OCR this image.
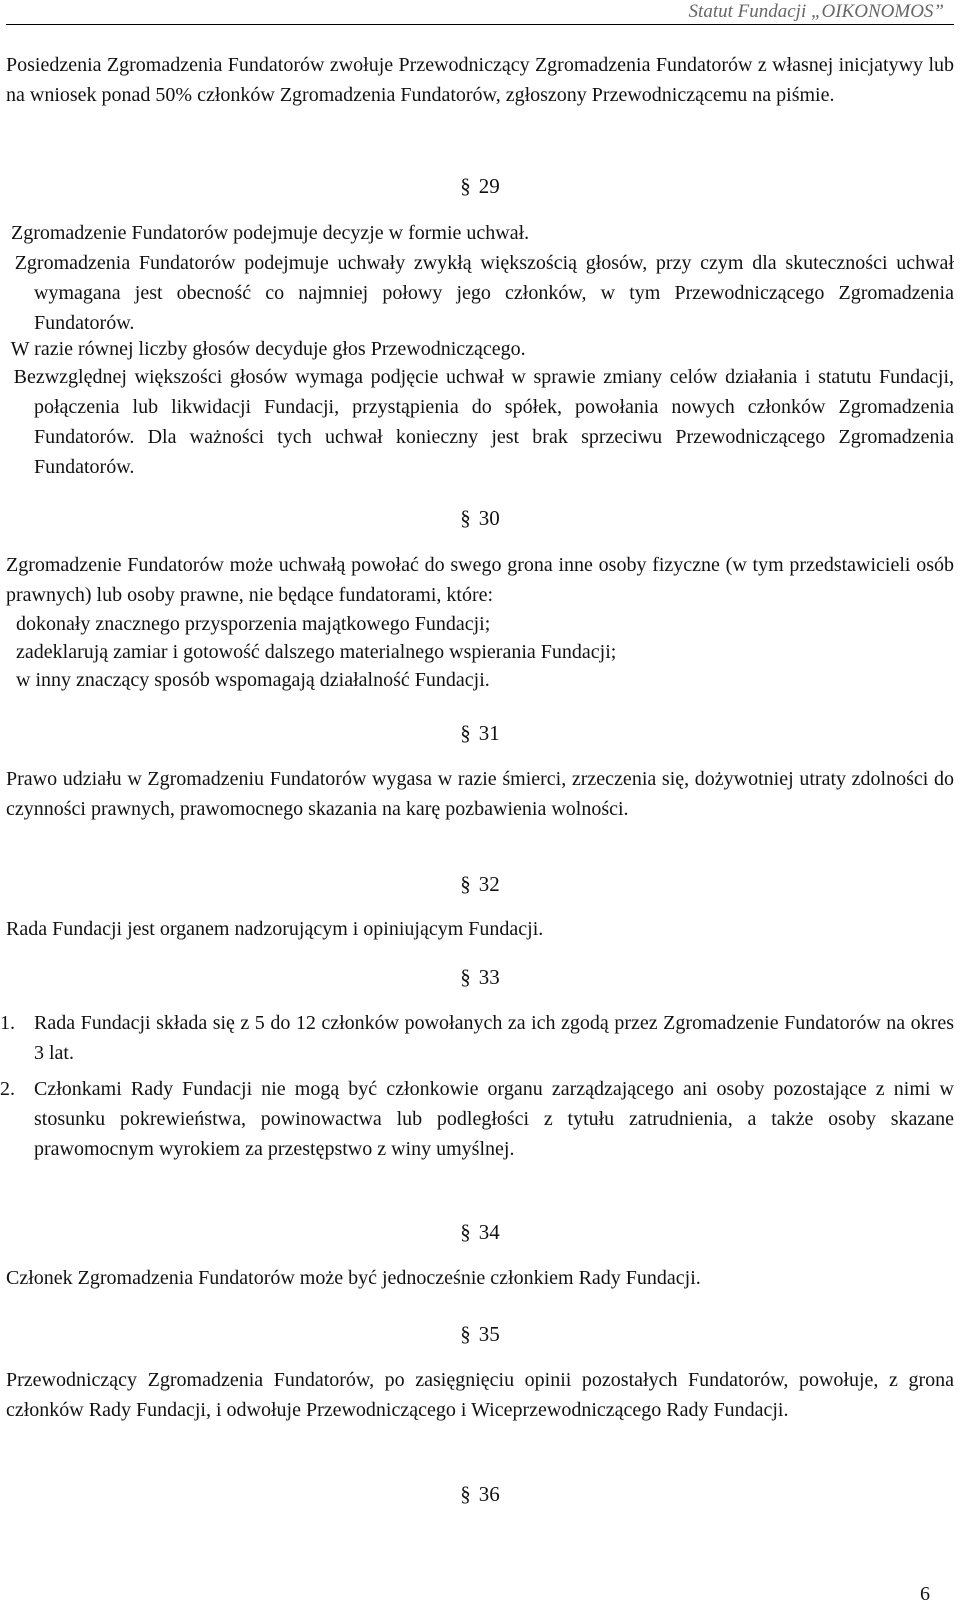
Statut Fundacji „OIKONOMOS”

Posiedzenia Zgromadzenia Fundatorów zwołuje Przewodniczący Zgromadzenia Fundatorów z własnej inicjatywy lub na wniosek ponad 50% członków Zgromadzenia Fundatorów, zgłoszony Przewodniczącemu na piśmie.

§ 29
Zgromadzenie Fundatorów podejmuje decyzje w formie uchwał.
Zgromadzenia Fundatorów podejmuje uchwały zwykłą większością głosów, przy czym dla skuteczności uchwał wymagana jest obecność co najmniej połowy jego członków, w tym Przewodniczącego Zgromadzenia Fundatorów.
W razie równej liczby głosów decyduje głos Przewodniczącego.
Bezwzględnej większości głosów wymaga podjęcie uchwał w sprawie zmiany celów działania i statutu Fundacji, połączenia lub likwidacji Fundacji, przystąpienia do spółek, powołania nowych członków Zgromadzenia Fundatorów. Dla ważności tych uchwał konieczny jest brak sprzeciwu Przewodniczącego Zgromadzenia Fundatorów.
§ 30

Zgromadzenie Fundatorów może uchwałą powołać do swego grona inne osoby fizyczne (w tym przedstawicieli osób prawnych) lub osoby prawne, nie będące fundatorami, które:

dokonały znacznego przysporzenia majątkowego Fundacji;
zadeklarują zamiar i gotowość dalszego materialnego wspierania Fundacji;
w inny znaczący sposób wspomagają działalność Fundacji.
§ 31

Prawo udziału w Zgromadzeniu Fundatorów wygasa w razie śmierci, zrzeczenia się, dożywotniej utraty zdolności do czynności prawnych, prawomocnego skazania na karę pozbawienia wolności.

§ 32

Rada Fundacji jest organem nadzorującym i opiniującym Fundacji.

§ 33
1. Rada Fundacji składa się z 5 do 12 członków powołanych za ich zgodą przez Zgromadzenie Fundatorów na okres 3 lat.
2. Członkami Rady Fundacji nie mogą być członkowie organu zarządzającego ani osoby pozostające z nimi w stosunku pokrewieństwa, powinowactwa lub podległości z tytułu zatrudnienia, a także osoby skazane prawomocnym wyrokiem za przestępstwo z winy umyślnej.
§ 34

Członek Zgromadzenia Fundatorów może być jednocześnie członkiem Rady Fundacji.

§ 35

Przewodniczący Zgromadzenia Fundatorów, po zasięgnięciu opinii pozostałych Fundatorów, powołuje, z grona członków Rady Fundacji, i odwołuje Przewodniczącego i Wiceprzewodniczącego Rady Fundacji.

§ 36
6
